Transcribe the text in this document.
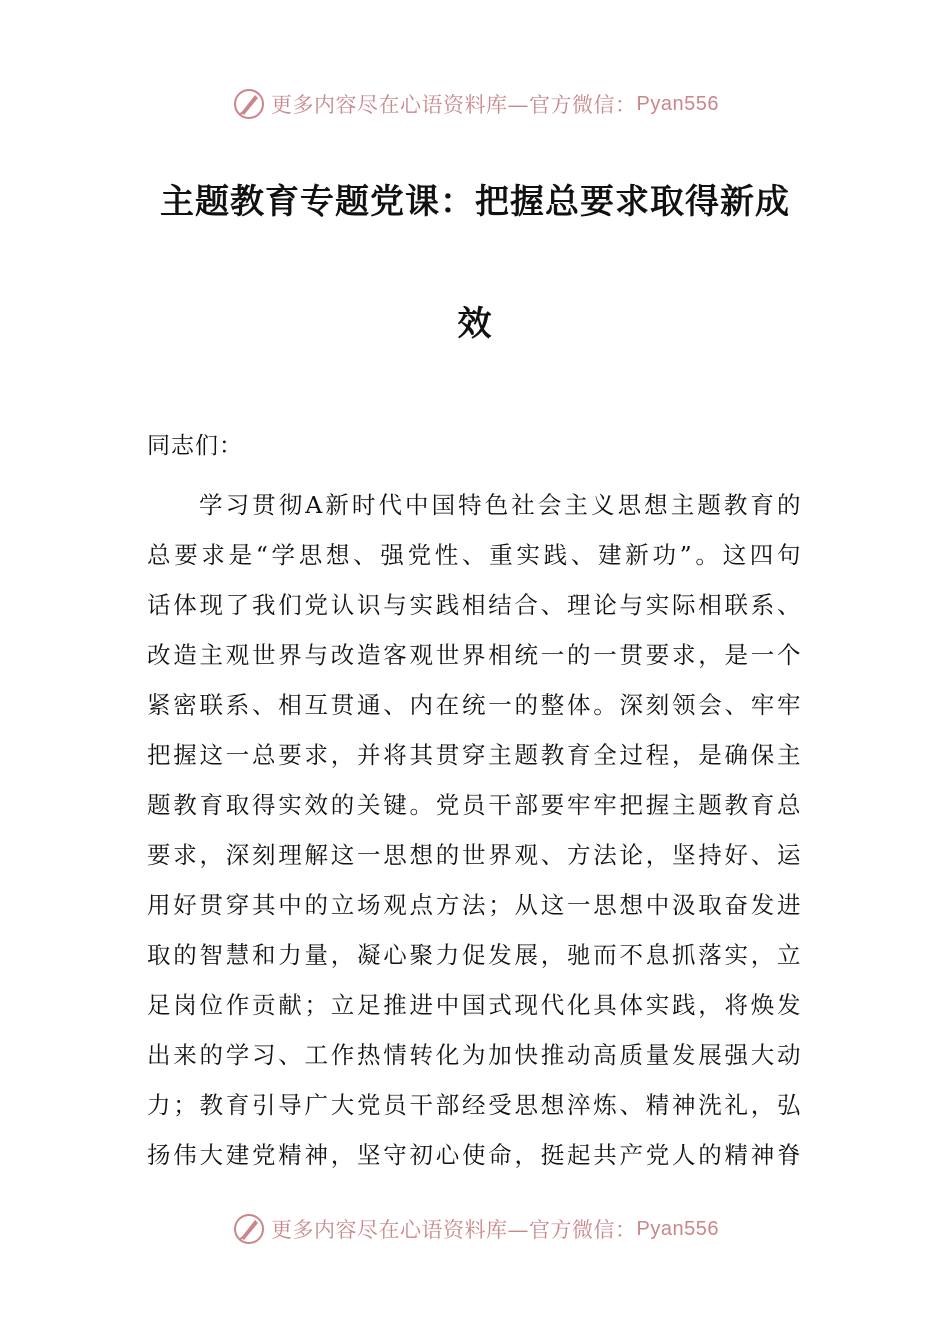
更多内容尽在心语资料库—官方微信： Pyan556
主题教育专题党课：把握总要求取得新成
效

同志们：

学习贯彻A新时代中国特色社会主义思想主题教育的
总要求是“学思想、强党性、重实践、建新功”。这四句
话体现了我们党认识与实践相结合、理论与实际相联系、
改造主观世界与改造客观世界相统一的一贯要求，是一个
紧密联系、相互贯通、内在统一的整体。深刻领会、牢牢
把握这一总要求，并将其贯穿主题教育全过程，是确保主
题教育取得实效的关键。党员干部要牢牢把握主题教育总
要求，深刻理解这一思想的世界观、方法论，坚持好、运
用好贯穿其中的立场观点方法；从这一思想中汲取奋发进
取的智慧和力量，凝心聚力促发展，驰而不息抓落实，立
足岗位作贡献；立足推进中国式现代化具体实践，将焕发
出来的学习、工作热情转化为加快推动高质量发展强大动
力；教育引导广大党员干部经受思想淬炼、精神洗礼，弘
扬伟大建党精神，坚守初心使命，挺起共产党人的精神脊
更多内容尽在心语资料库—官方微信： Pyan556
